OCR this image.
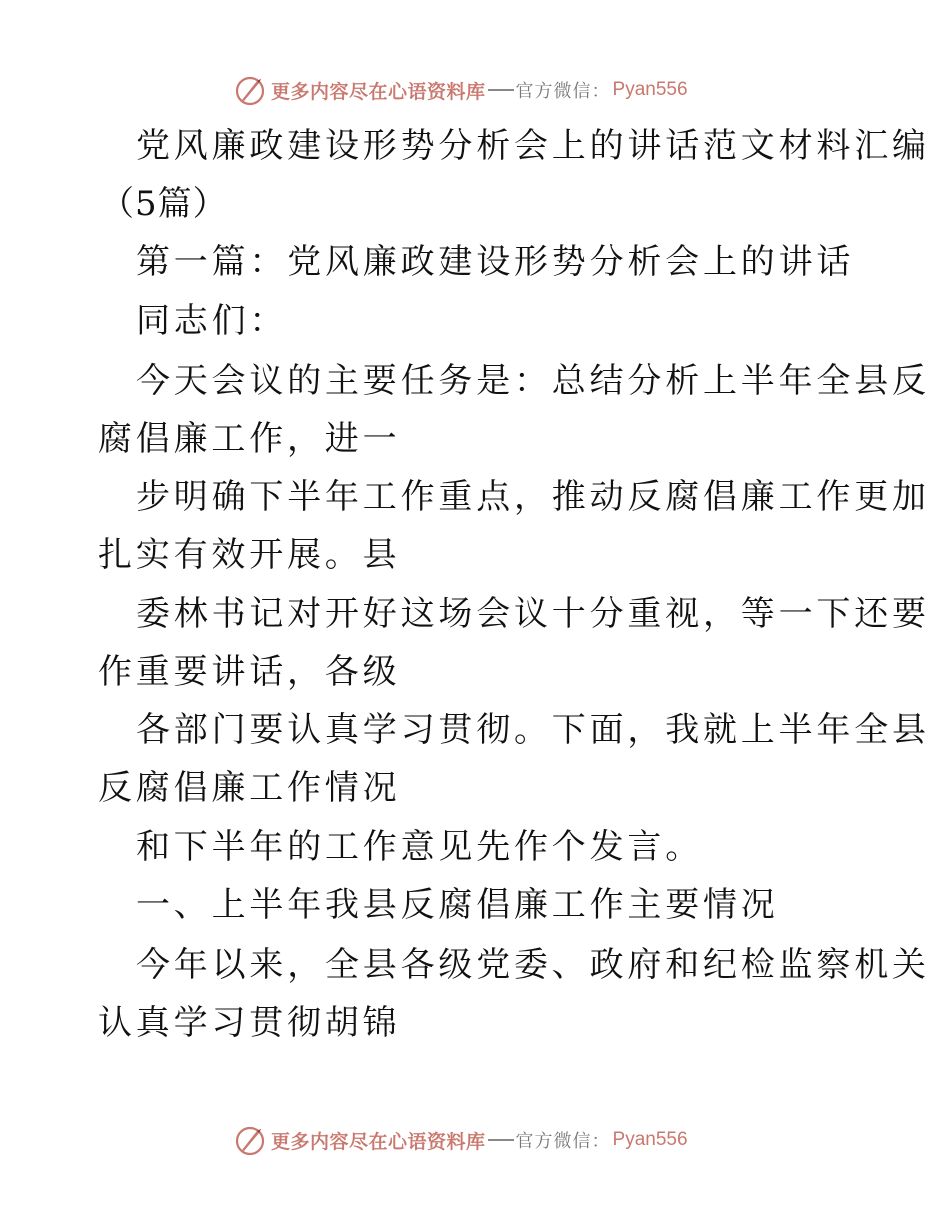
更多内容尽在心语资料库 官方微信： Pyan556
党风廉政建设形势分析会上的讲话范文材料汇编
（5篇）
第一篇：党风廉政建设形势分析会上的讲话
同志们：
今天会议的主要任务是：总结分析上半年全县反
腐倡廉工作，进一
步明确下半年工作重点，推动反腐倡廉工作更加
扎实有效开展。县
委林书记对开好这场会议十分重视，等一下还要
作重要讲话，各级
各部门要认真学习贯彻。下面，我就上半年全县
反腐倡廉工作情况
和下半年的工作意见先作个发言。
一、上半年我县反腐倡廉工作主要情况
今年以来，全县各级党委、政府和纪检监察机关
认真学习贯彻胡锦
更多内容尽在心语资料库 官方微信： Pyan556
